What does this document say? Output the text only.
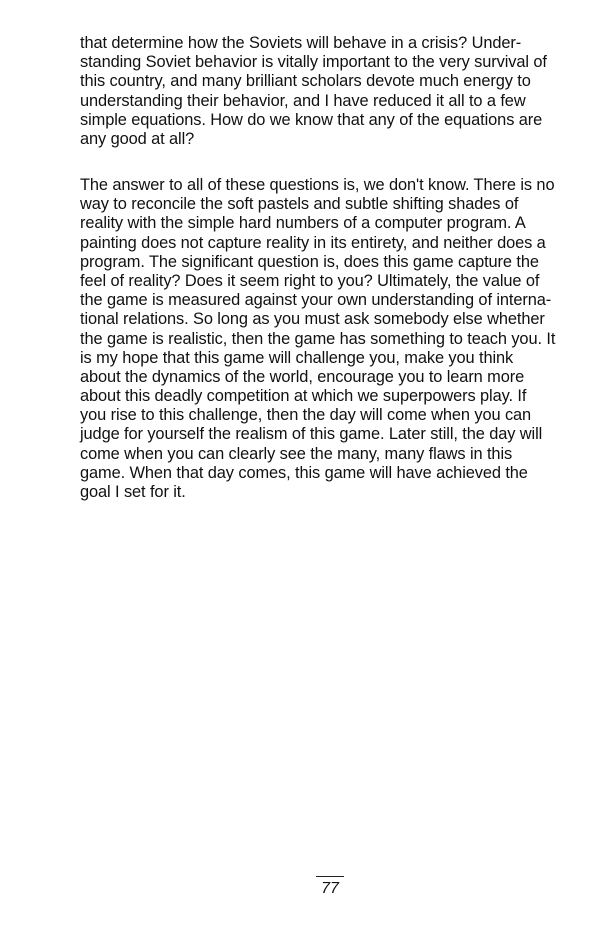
that determine how the Soviets will behave in a crisis? Under-
standing Soviet behavior is vitally important to the very survival of
this country, and many brilliant scholars devote much energy to
understanding their behavior, and I have reduced it all to a few
simple equations. How do we know that any of the equations are
any good at all?

The answer to all of these questions is, we don't know. There is no
way to reconcile the soft pastels and subtle shifting shades of
reality with the simple hard numbers of a computer program. A
painting does not capture reality in its entirety, and neither does a
program. The significant question is, does this game capture the
feel of reality? Does it seem right to you? Ultimately, the value of
the game is measured against your own understanding of interna-
tional relations. So long as you must ask somebody else whether
the game is realistic, then the game has something to teach you. It
is my hope that this game will challenge you, make you think
about the dynamics of the world, encourage you to learn more
about this deadly competition at which we superpowers play. If
you rise to this challenge, then the day will come when you can
judge for yourself the realism of this game. Later still, the day will
come when you can clearly see the many, many flaws in this
game. When that day comes, this game will have achieved the
goal I set for it.

77
